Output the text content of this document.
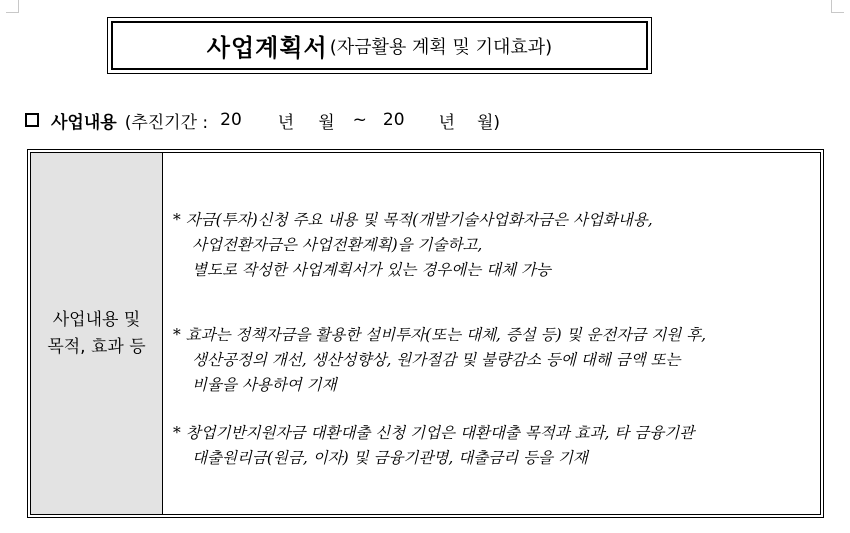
사업계획서 (자금활용 계획 및 기대효과)
사업내용 (추진기간 : 20 년 월 ~ 20 년 월)
사업내용 및
목적, 효과 등
* 자금(투자)신청 주요 내용 및 목적(개발기술사업화자금은 사업화내용,
사업전환자금은 사업전환계획)을 기술하고,
별도로 작성한 사업계획서가 있는 경우에는 대체 가능
* 효과는 정책자금을 활용한 설비투자(또는 대체, 증설 등) 및 운전자금 지원 후,
생산공정의 개선, 생산성향상, 원가절감 및 불량감소 등에 대해 금액 또는
비율을 사용하여 기재
* 창업기반지원자금 대환대출 신청 기업은 대환대출 목적과 효과, 타 금융기관
대출원리금(원금, 이자) 및 금융기관명, 대출금리 등을 기재
